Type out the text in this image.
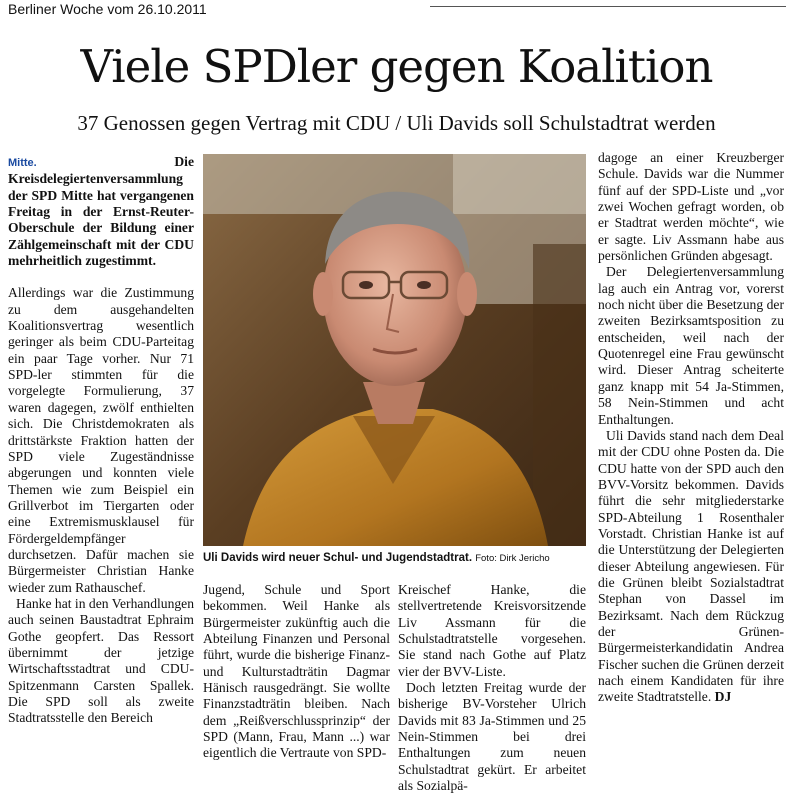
Berliner Woche vom 26.10.2011
Viele SPDler gegen Koalition
37 Genossen gegen Vertrag mit CDU / Uli Davids soll Schulstadtrat werden

Mitte.	Die Kreisdelegiertenversammlung der SPD Mitte hat vergangenen Freitag in der Ernst-Reuter-Oberschule der Bildung einer Zählgemeinschaft mit der CDU mehrheitlich zugestimmt.

Allerdings war die Zustimmung zu dem ausgehandelten Koalitionsvertrag wesentlich geringer als beim CDU-Parteitag ein paar Tage vorher. Nur 71 SPD-ler stimmten für die vorgelegte Formulierung, 37 waren dagegen, zwölf enthielten sich. Die Christdemokraten als drittstärkste Fraktion hatten der SPD viele Zugeständnisse abgerungen und konnten viele Themen wie zum Beispiel ein Grillverbot im Tiergarten oder eine Extremismusklausel für Fördergeldempfänger durchsetzen. Dafür machen sie Bürgermeister Christian Hanke wieder zum Rathauschef.

Hanke hat in den Verhandlungen auch seinen Baustadtrat Ephraim Gothe geopfert. Das Ressort übernimmt der jetzige Wirtschaftsstadtrat und CDU-Spitzenmann Carsten Spallek. Die SPD soll als zweite Stadtratsstelle den Bereich

Uli Davids wird neuer Schul- und Jugendstadtrat. Foto: Dirk Jericho

Jugend, Schule und Sport bekommen. Weil Hanke als Bürgermeister zukünftig auch die Abteilung Finanzen und Personal führt, wurde die bisherige Finanz- und Kulturstadträtin Dagmar Hänisch rausgedrängt. Sie wollte Finanzstadträtin bleiben. Nach dem „Reißverschlussprinzip“ der SPD (Mann, Frau, Mann ...) war eigentlich die Vertraute von SPD-

Kreischef Hanke, die stellvertretende Kreisvorsitzende Liv Assmann für die Schulstadtratstelle vorgesehen. Sie stand nach Gothe auf Platz vier der BVV-Liste.

Doch letzten Freitag wurde der bisherige BV-Vorsteher Ulrich Davids mit 83 Ja-Stimmen und 25 Nein-Stimmen bei drei Enthaltungen zum neuen Schulstadtrat gekürt. Er arbeitet als Sozialpä-

dagoge an einer Kreuzberger Schule. Davids war die Nummer fünf auf der SPD-Liste und „vor zwei Wochen gefragt worden, ob er Stadtrat werden möchte“, wie er sagte. Liv Assmann habe aus persönlichen Gründen abgesagt.

Der Delegiertenversammlung lag auch ein Antrag vor, vorerst noch nicht über die Besetzung der zweiten Bezirksamtsposition zu entscheiden, weil nach der Quotenregel eine Frau gewünscht wird. Dieser Antrag scheiterte ganz knapp mit 54 Ja-Stimmen, 58 Nein-Stimmen und acht Enthaltungen.

Uli Davids stand nach dem Deal mit der CDU ohne Posten da. Die CDU hatte von der SPD auch den BVV-Vorsitz bekommen. Davids führt die sehr mitgliederstarke SPD-Abteilung 1 Rosenthaler Vorstadt. Christian Hanke ist auf die Unterstützung der Delegierten dieser Abteilung angewiesen. Für die Grünen bleibt Sozialstadtrat Stephan von Dassel im Bezirksamt. Nach dem Rückzug der Grünen-Bürgermeisterkandidatin Andrea Fischer suchen die Grünen derzeit nach einem Kandidaten für ihre zweite Stadtratstelle. DJ
